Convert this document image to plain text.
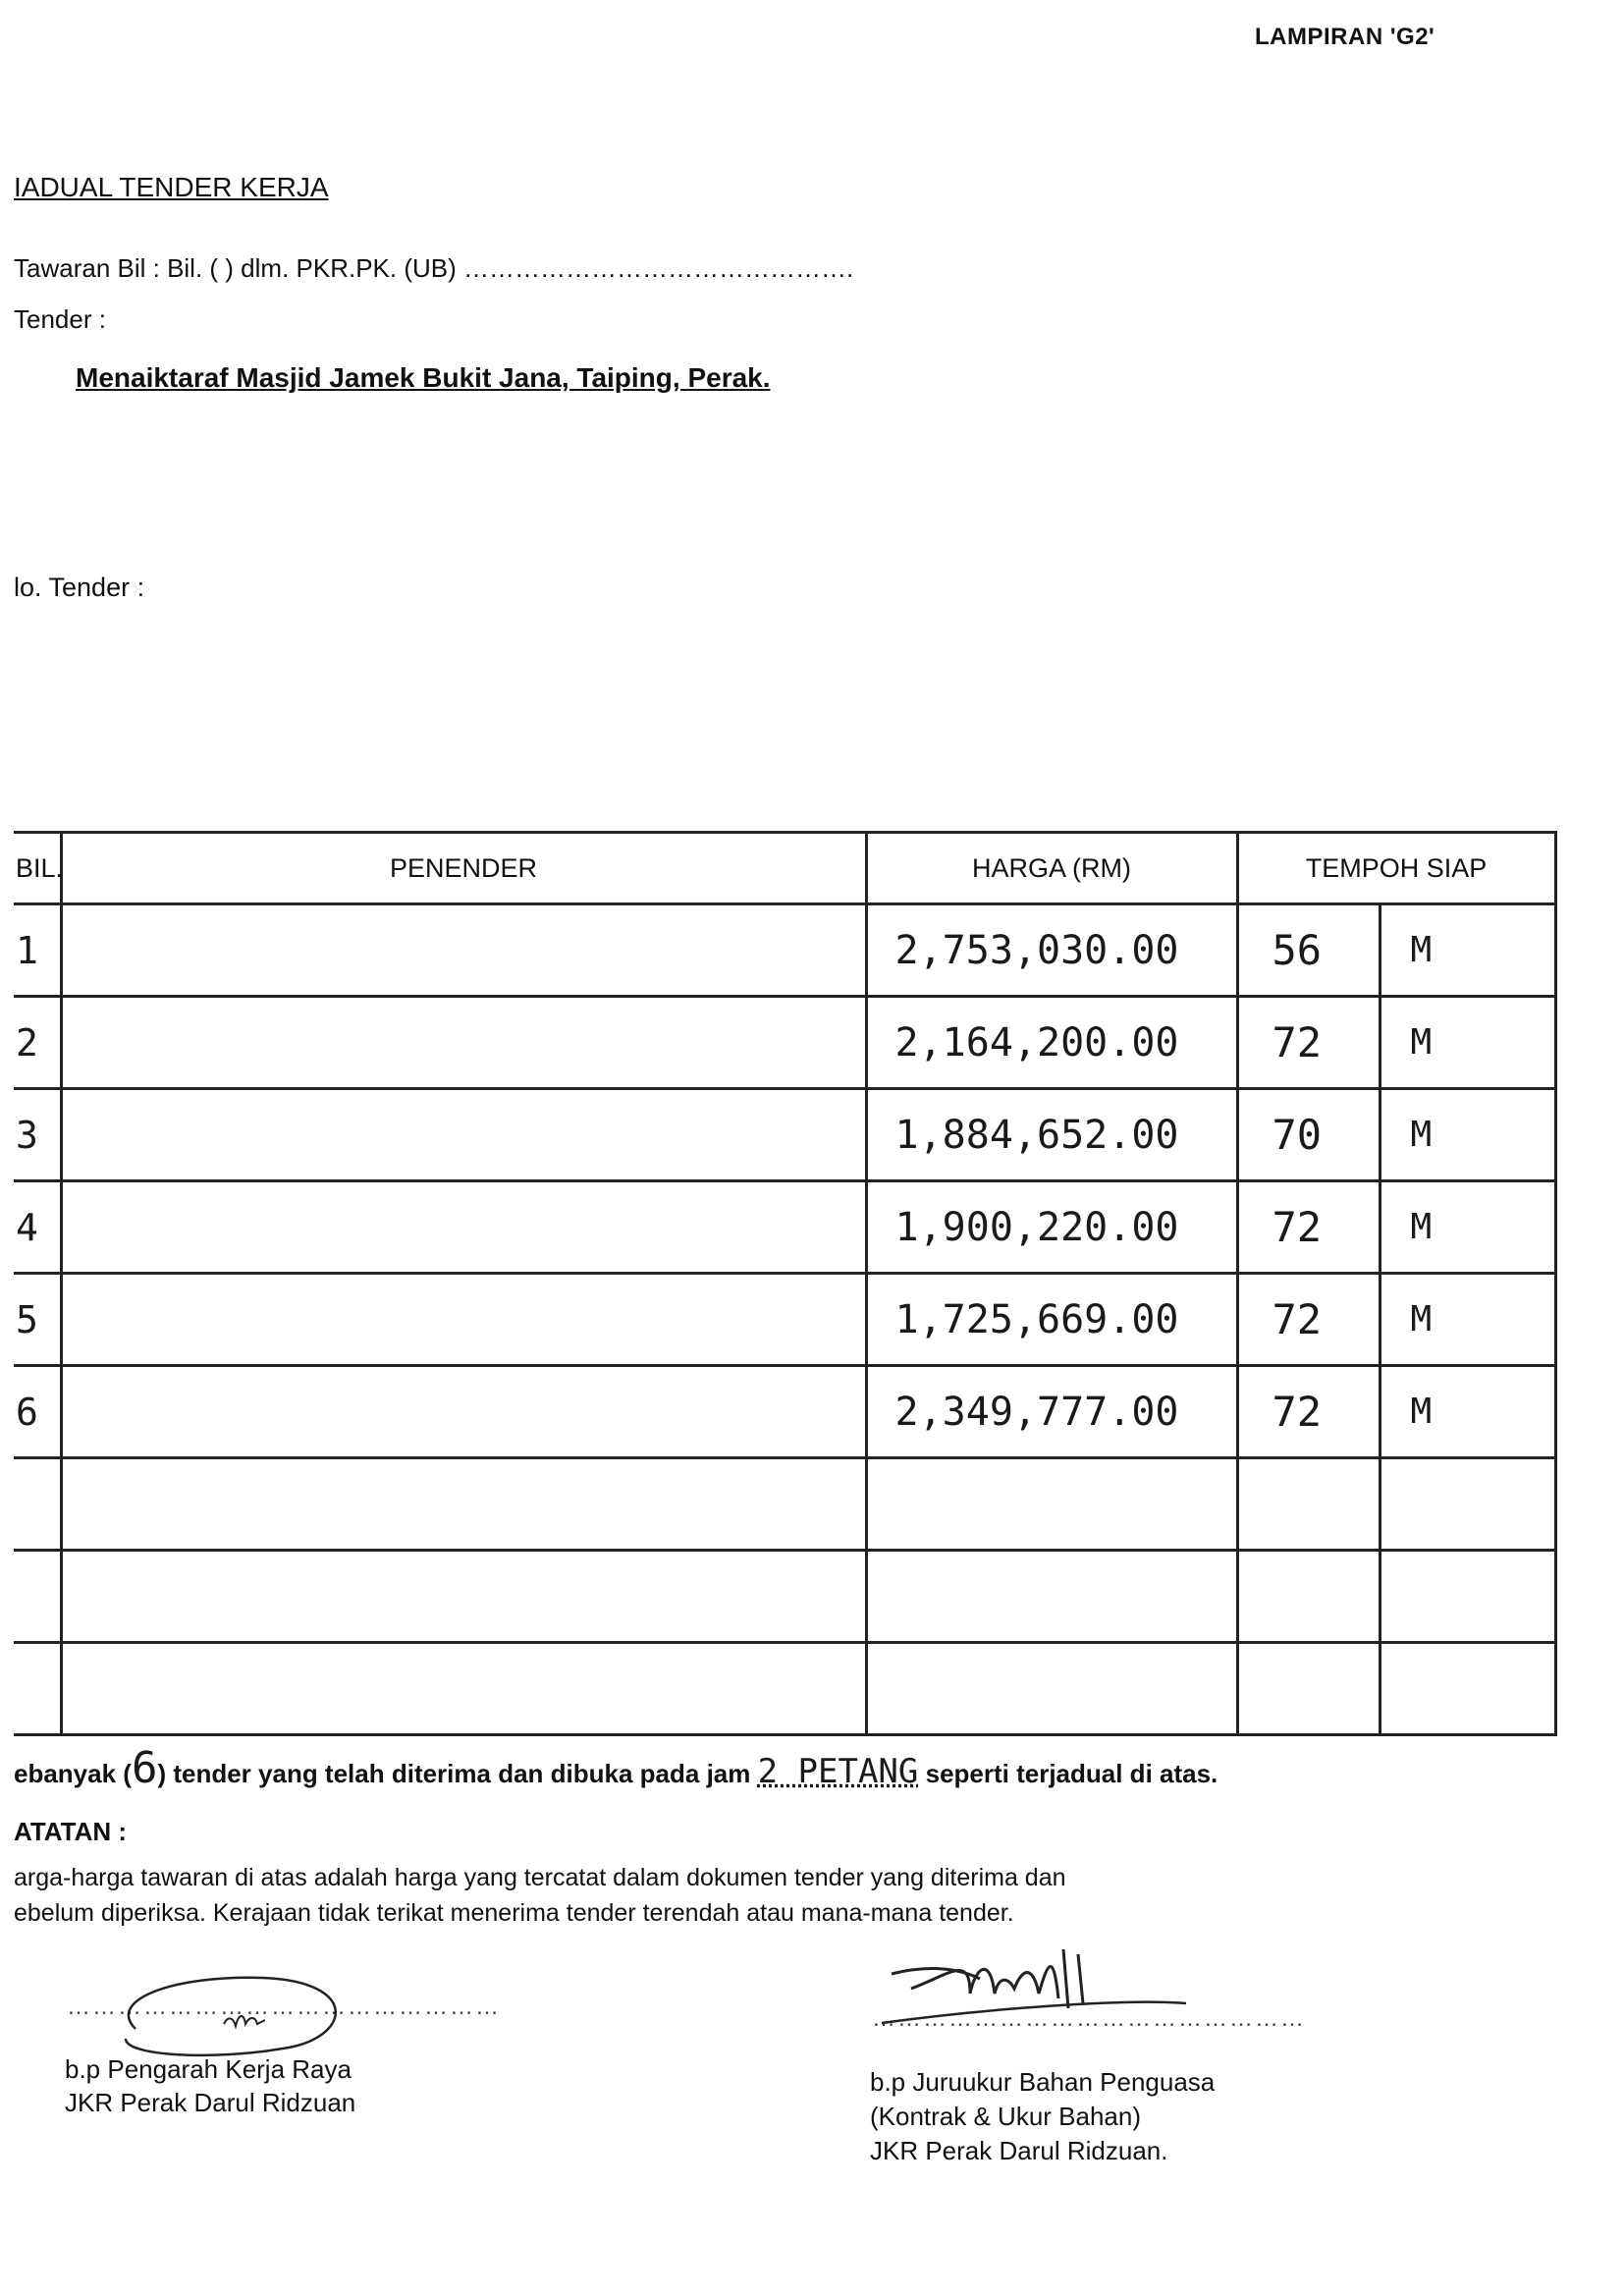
LAMPIRAN 'G2'
IADUAL TENDER KERJA
Tawaran Bil : Bil. ( ) dlm. PKR.PK. (UB) ……………………………………….
Tender :
Menaiktaraf Masjid Jamek Bukit Jana, Taiping, Perak.
lo. Tender :
BIL.	PENENDER	HARGA (RM)	TEMPOH SIAP	
1		2,753,030.00	56	M
2		2,164,200.00	72	M
3		1,884,652.00	70	M
4		1,900,220.00	72	M
5		1,725,669.00	72	M
6		2,349,777.00	72	M

ebanyak (6) tender yang telah diterima dan dibuka pada jam 2 PETANG seperti terjadual di atas.
ATATAN :
arga-harga tawaran di atas adalah harga yang tercatat dalam dokumen tender yang diterima dan
ebelum diperiksa. Kerajaan tidak terikat menerima tender terendah atau mana-mana tender.
……………………………………………
b.p Pengarah Kerja Raya
JKR Perak Darul Ridzuan
……………………………………………
b.p Juruukur Bahan Penguasa
(Kontrak & Ukur Bahan)
JKR Perak Darul Ridzuan.
